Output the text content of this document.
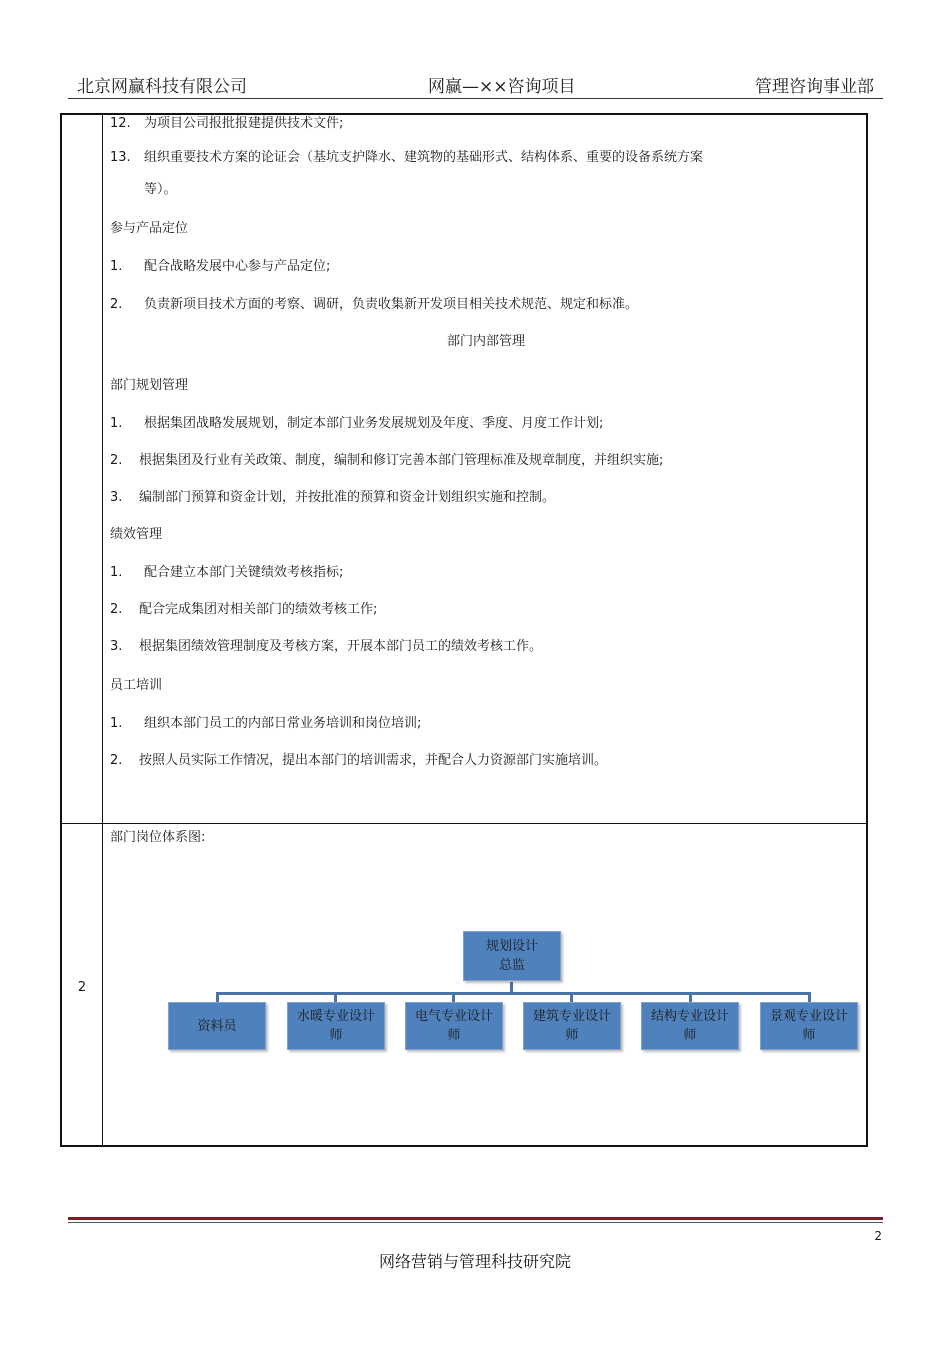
北京网赢科技有限公司	网赢—××咨询项目	管理咨询事业部
12. 为项目公司报批报建提供技术文件;
13. 组织重要技术方案的论证会（基坑支护降水、建筑物的基础形式、结构体系、重要的设备系统方案
等）。
参与产品定位
1. 配合战略发展中心参与产品定位;
2. 负责新项目技术方面的考察、调研，负责收集新开发项目相关技术规范、规定和标准。
部门内部管理
部门规划管理
1. 根据集团战略发展规划，制定本部门业务发展规划及年度、季度、月度工作计划;
2. 根据集团及行业有关政策、制度，编制和修订完善本部门管理标准及规章制度，并组织实施;
3. 编制部门预算和资金计划，并按批准的预算和资金计划组织实施和控制。
绩效管理
1. 配合建立本部门关键绩效考核指标;
2. 配合完成集团对相关部门的绩效考核工作;
3. 根据集团绩效管理制度及考核方案，开展本部门员工的绩效考核工作。
员工培训
1. 组织本部门员工的内部日常业务培训和岗位培训;
2. 按照人员实际工作情况，提出本部门的培训需求，并配合人力资源部门实施培训。
2
部门岗位体系图:
规划设计
总监
资料员
水暖专业设计
师
电气专业设计
师
建筑专业设计
师
结构专业设计
师
景观专业设计
师
2
网络营销与管理科技研究院
